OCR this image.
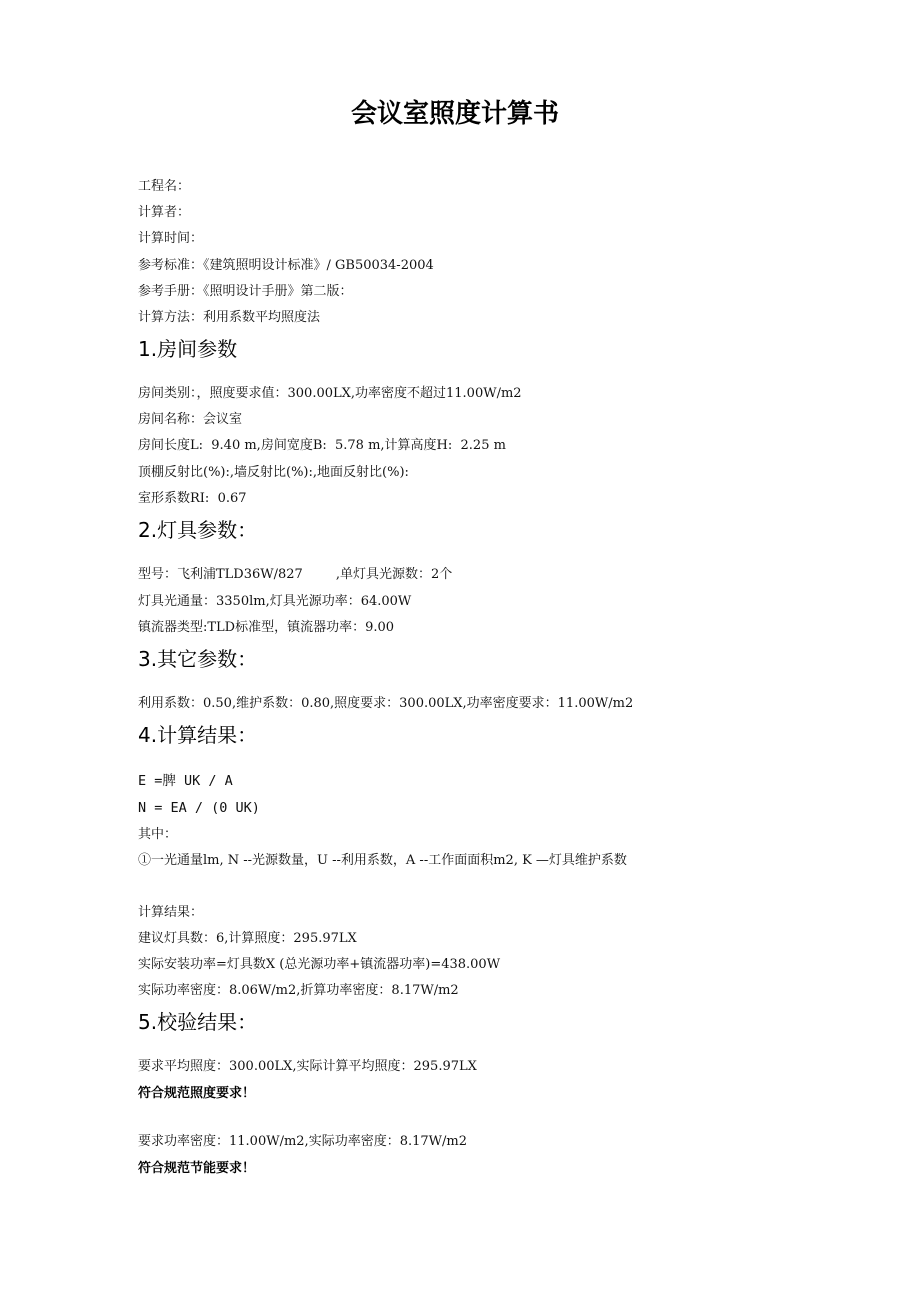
会议室照度计算书
工程名：
计算者：
计算时间：
参考标准：《建筑照明设计标准》/ GB50034-2004
参考手册：《照明设计手册》第二版：
计算方法：利用系数平均照度法
1.房间参数
房间类别：，照度要求值：300.00LX,功率密度不超过11.00W/m2
房间名称：会议室
房间长度L:  9.40 m,房间宽度B:  5.78 m,计算高度H:  2.25 m
顶棚反射比(%):,墙反射比(%):,地面反射比(%):
室形系数RI:  0.67
2.灯具参数：
型号：飞利浦TLD36W/827        ,单灯具光源数：2个
灯具光通量：3350lm,灯具光源功率：64.00W
镇流器类型:TLD标准型，镇流器功率：9.00
3.其它参数：
利用系数：0.50,维护系数：0.80,照度要求：300.00LX,功率密度要求：11.00W/m2
4.计算结果：
E =脾 UK / A
N = EA / (0 UK)
其中：
①一光通量lm, N --光源数量，U --利用系数，A --工作面面积m2, K —灯具维护系数
计算结果：
建议灯具数：6,计算照度：295.97LX
实际安装功率=灯具数X (总光源功率+镇流器功率)=438.00W
实际功率密度：8.06W/m2,折算功率密度：8.17W/m2
5.校验结果：
要求平均照度：300.00LX,实际计算平均照度：295.97LX
符合规范照度要求！
要求功率密度：11.00W/m2,实际功率密度：8.17W/m2
符合规范节能要求！
